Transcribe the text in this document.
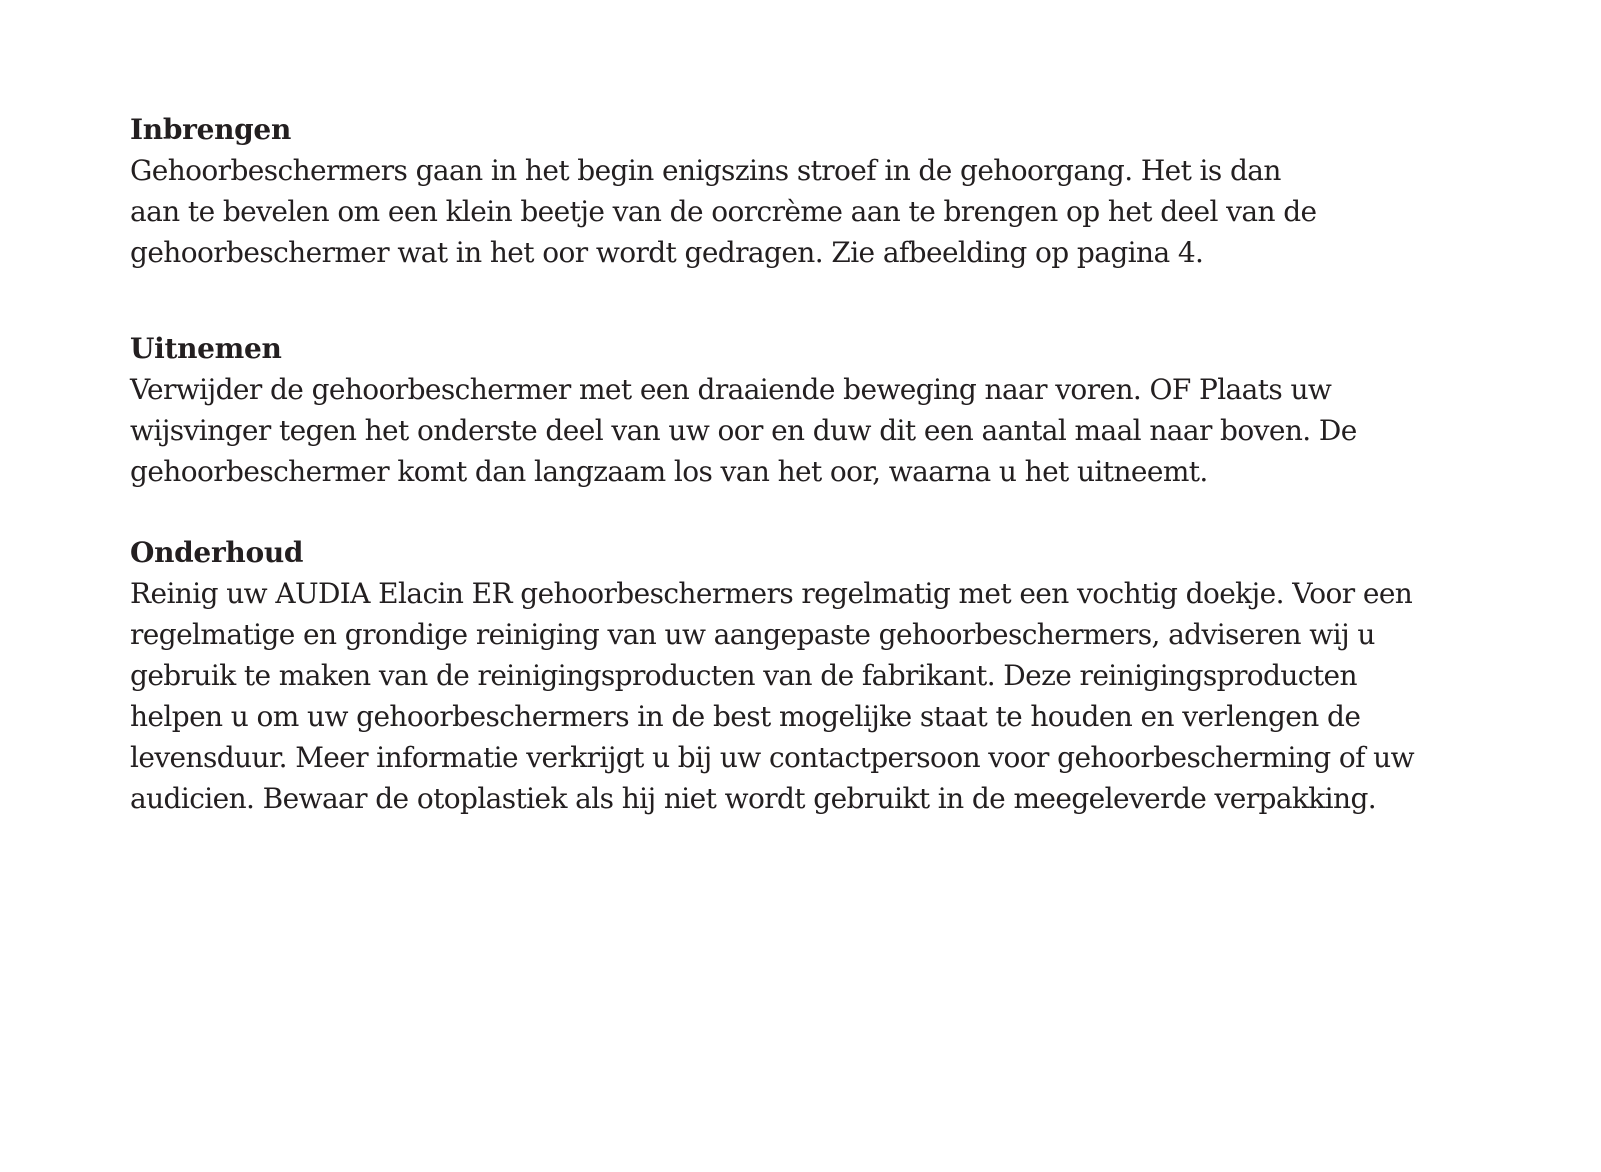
Inbrengen

Gehoorbeschermers gaan in het begin enigszins stroef in de gehoorgang. Het is dan

aan te bevelen om een klein beetje van de oorcrème aan te brengen op het deel van de

gehoorbeschermer wat in het oor wordt gedragen. Zie afbeelding op pagina 4.

Uitnemen

Verwijder de gehoorbeschermer met een draaiende beweging naar voren. OF Plaats uw

wijsvinger tegen het onderste deel van uw oor en duw dit een aantal maal naar boven. De

gehoorbeschermer komt dan langzaam los van het oor, waarna u het uitneemt.

Onderhoud

Reinig uw AUDIA Elacin ER gehoorbeschermers regelmatig met een vochtig doekje. Voor een

regelmatige en grondige reiniging van uw aangepaste gehoorbeschermers, adviseren wij u

gebruik te maken van de reinigingsproducten van de fabrikant. Deze reinigingsproducten

helpen u om uw gehoorbeschermers in de best mogelijke staat te houden en verlengen de

levensduur. Meer informatie verkrijgt u bij uw contactpersoon voor gehoorbescherming of uw

audicien. Bewaar de otoplastiek als hij niet wordt gebruikt in de meegeleverde verpakking.
